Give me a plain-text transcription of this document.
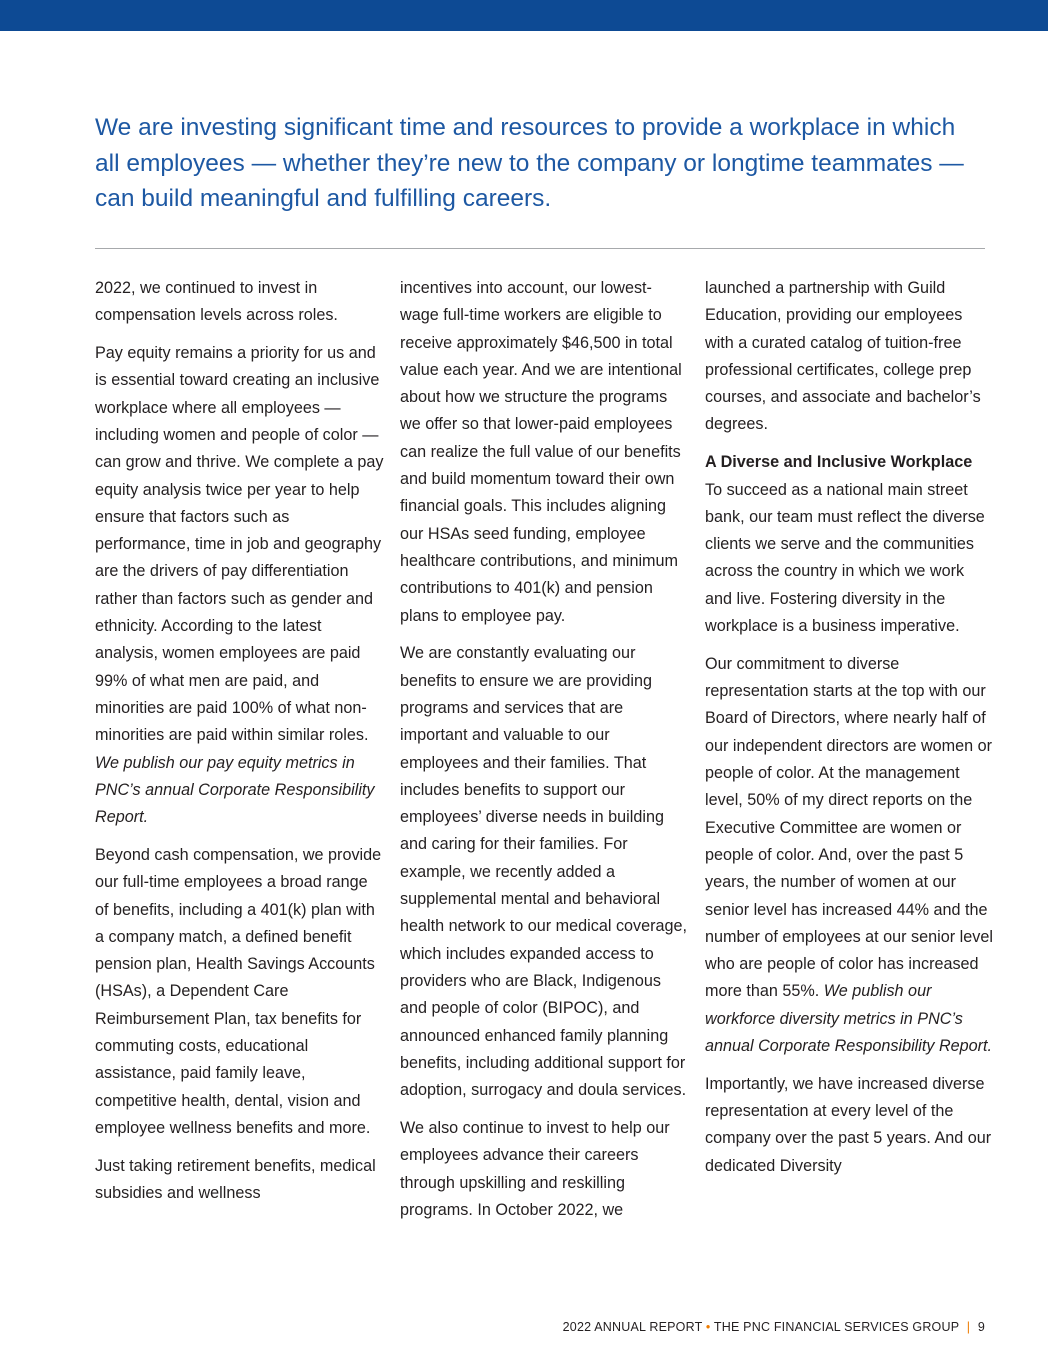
We are investing significant time and resources to provide a workplace in which all employees — whether they’re new to the company or longtime teammates — can build meaningful and fulfilling careers.

2022, we continued to invest in compensation levels across roles.

Pay equity remains a priority for us and is essential toward creating an inclusive workplace where all employees — including women and people of color — can grow and thrive. We complete a pay equity analysis twice per year to help ensure that factors such as performance, time in job and geography are the drivers of pay differentiation rather than factors such as gender and ethnicity. According to the latest analysis, women employees are paid 99% of what men are paid, and minorities are paid 100% of what non-minorities are paid within similar roles. We publish our pay equity metrics in PNC’s annual Corporate Responsibility Report.

Beyond cash compensation, we provide our full-time employees a broad range of benefits, including a 401(k) plan with a company match, a defined benefit pension plan, Health Savings Accounts (HSAs), a Dependent Care Reimbursement Plan, tax benefits for commuting costs, educational assistance, paid family leave, competitive health, dental, vision and employee wellness benefits and more.

Just taking retirement benefits, medical subsidies and wellness

incentives into account, our lowest-wage full-time workers are eligible to receive approximately $46,500 in total value each year. And we are intentional about how we structure the programs we offer so that lower-paid employees can realize the full value of our benefits and build momentum toward their own financial goals. This includes aligning our HSAs seed funding, employee healthcare contributions, and minimum contributions to 401(k) and pension plans to employee pay.

We are constantly evaluating our benefits to ensure we are providing programs and services that are important and valuable to our employees and their families. That includes benefits to support our employees’ diverse needs in building and caring for their families. For example, we recently added a supplemental mental and behavioral health network to our medical coverage, which includes expanded access to providers who are Black, Indigenous and people of color (BIPOC), and announced enhanced family planning benefits, including additional support for adoption, surrogacy and doula services.

We also continue to invest to help our employees advance their careers through upskilling and reskilling programs. In October 2022, we

launched a partnership with Guild Education, providing our employees with a curated catalog of tuition-free professional certificates, college prep courses, and associate and bachelor’s degrees.

A Diverse and Inclusive Workplace
To succeed as a national main street bank, our team must reflect the diverse clients we serve and the communities across the country in which we work and live. Fostering diversity in the workplace is a business imperative.

Our commitment to diverse representation starts at the top with our Board of Directors, where nearly half of our independent directors are women or people of color. At the management level, 50% of my direct reports on the Executive Committee are women or people of color. And, over the past 5 years, the number of women at our senior level has increased 44% and the number of employees at our senior level who are people of color has increased more than 55%. We publish our workforce diversity metrics in PNC’s annual Corporate Responsibility Report.

Importantly, we have increased diverse representation at every level of the company over the past 5 years. And our dedicated Diversity

2022 ANNUAL REPORT • THE PNC FINANCIAL SERVICES GROUP | 9
